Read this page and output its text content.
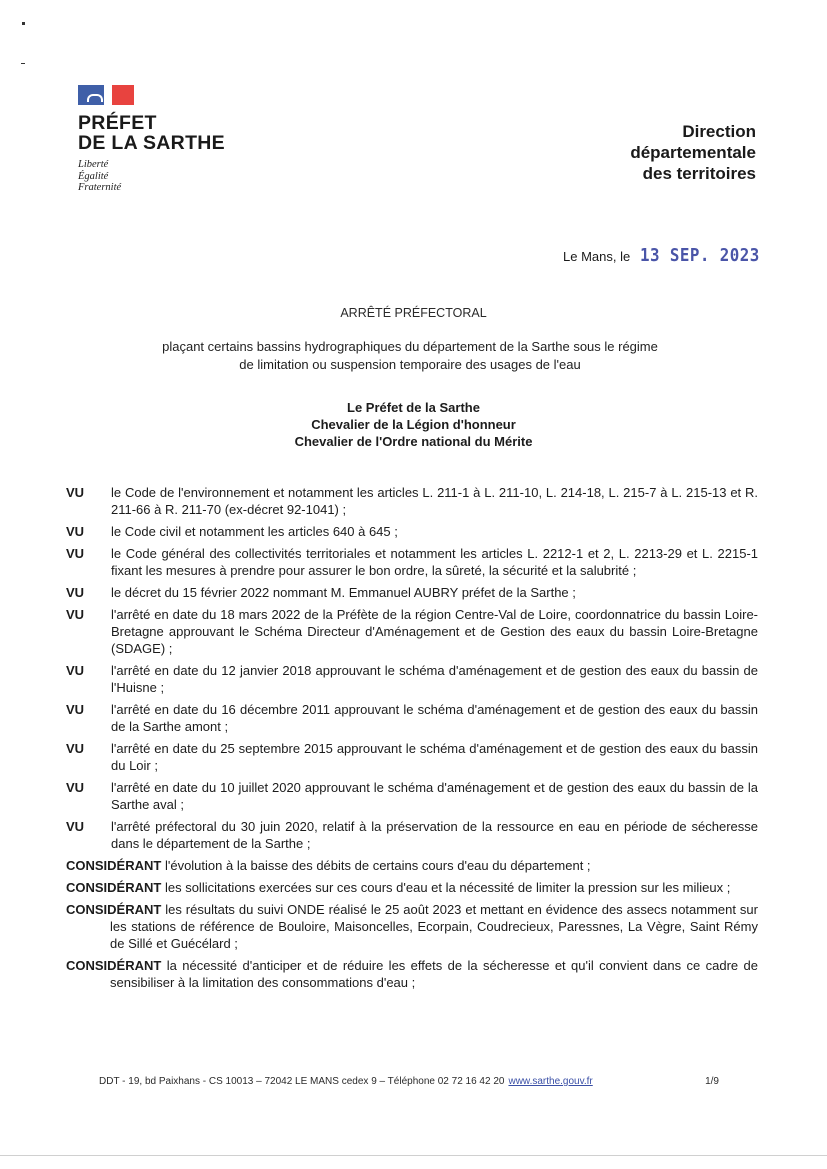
PRÉFET
DE LA SARTHE
Liberté
Égalité
Fraternité
Direction
départementale
des territoires
Le Mans, le 13 SEP. 2023
ARRÊTÉ PRÉFECTORAL
plaçant certains bassins hydrographiques du département de la Sarthe sous le régime
de limitation ou suspension temporaire des usages de l'eau
Le Préfet de la Sarthe
Chevalier de la Légion d'honneur
Chevalier de l'Ordre national du Mérite
VU	le Code de l'environnement et notamment les articles L. 211-1 à L. 211-10, L. 214-18, L. 215-7 à L. 215-13 et R. 211-66 à R. 211-70 (ex-décret 92-1041) ;
VU	le Code civil et notamment les articles 640 à 645 ;
VU	le Code général des collectivités territoriales et notamment les articles L. 2212-1 et 2, L. 2213-29 et L. 2215-1 fixant les mesures à prendre pour assurer le bon ordre, la sûreté, la sécurité et la salubrité ;
VU	le décret du 15 février 2022 nommant M. Emmanuel AUBRY préfet de la Sarthe ;
VU	l'arrêté en date du 18 mars 2022 de la Préfète de la région Centre-Val de Loire, coordonnatrice du bassin Loire-Bretagne approuvant le Schéma Directeur d'Aménagement et de Gestion des eaux du bassin Loire-Bretagne (SDAGE) ;
VU	l'arrêté en date du 12 janvier 2018 approuvant le schéma d'aménagement et de gestion des eaux du bassin de l'Huisne ;
VU	l'arrêté en date du 16 décembre 2011 approuvant le schéma d'aménagement et de gestion des eaux du bassin de la Sarthe amont ;
VU	l'arrêté en date du 25 septembre 2015 approuvant le schéma d'aménagement et de gestion des eaux du bassin du Loir ;
VU	l'arrêté en date du 10 juillet 2020 approuvant le schéma d'aménagement et de gestion des eaux du bassin de la Sarthe aval ;
VU	l'arrêté préfectoral du 30 juin 2020, relatif à la préservation de la ressource en eau en période de sécheresse dans le département de la Sarthe ;
CONSIDÉRANT l'évolution à la baisse des débits de certains cours d'eau du département ;
CONSIDÉRANT les sollicitations exercées sur ces cours d'eau et la nécessité de limiter la pression sur les milieux ;
CONSIDÉRANT les résultats du suivi ONDE réalisé le 25 août 2023 et mettant en évidence des assecs notamment sur les stations de référence de Bouloire, Maisoncelles, Ecorpain, Coudrecieux, Paressnes, La Vègre, Saint Rémy de Sillé et Guécélard ;
CONSIDÉRANT la nécessité d'anticiper et de réduire les effets de la sécheresse et qu'il convient dans ce cadre de sensibiliser à la limitation des consommations d'eau ;
DDT - 19, bd Paixhans - CS 10013 – 72042 LE MANS cedex 9 – Téléphone 02 72 16 42 20 www.sarthe.gouv.fr	1/9
